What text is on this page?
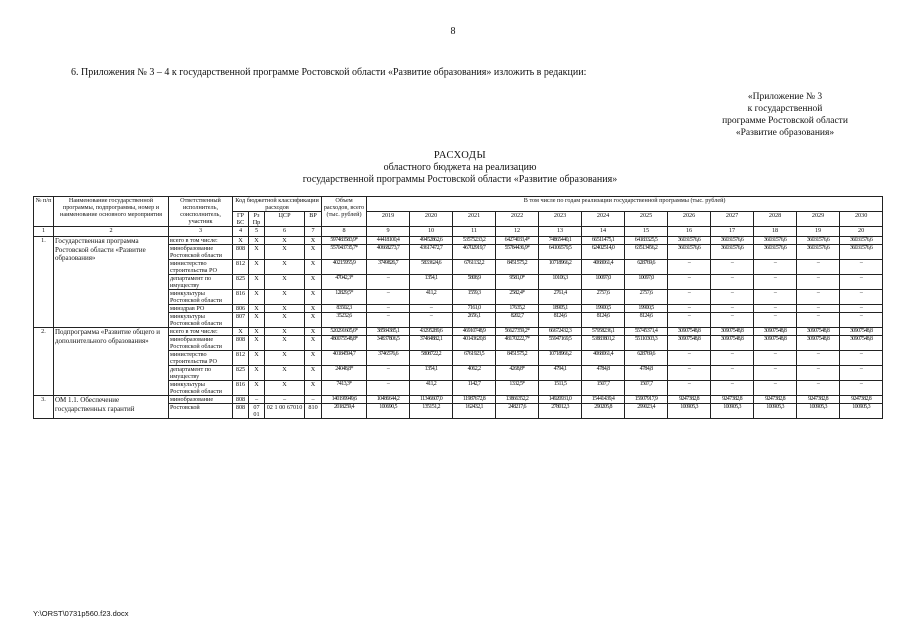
8
6. Приложения № 3 – 4 к государственной программе Ростовской области «Развитие образования» изложить в редакции:
«Приложение № 3
к государственной
программе Ростовской области
«Развитие образования»
РАСХОДЫ
областного бюджета на реализацию
государственной программы Ростовской области «Развитие образования»
№ п/п	Наименование государственной программы, подпрограммы, номер и наименование основного мероприятия	Ответственный исполнитель, соисполнитель, участник	Код бюджетной классификации расходов				Объем расходов, всего (тыс. рублей)	В том числе по годам реализации государственной программы (тыс. рублей)											
			ГР БС	Рз Пр	ЦСР	ВР		2019	2020	2021	2022	2023	2024	2025	2026	2027	2028	2029	2030
1	2	3	4	5	6	7	8	9	10	11	12	13	14	15	16	17	18	19	20
1.	Государственная программа Ростовской области «Развитие образования»	всего в том числе:	X	X	X	X	597483583,9*	44418100,4	49452862,6	53575233,2	64274033,4*	74865440,1	66511475,1	64183325,5	36031576,6	36031576,6	36031576,6	36031576,6	36031576,6
		минобразование Ростовской области	808	X	X	X	557043735,7*	40668273,7	43617472,7	46702919,7	55784436,9*	64106579,5	62402514,0	63513456,2	36031576,6	36031576,6	36031576,6	36031576,6	36031576,6
		министерство строительства РО	812	X	X	X	40215955,9	3749826,7	5833624,6	6761132,2	8451575,2	10718966,2	4068061,4	628769,6	–	–	–	–	–
		департамент по имуществу	825	X	X	X	47042,3*	–	1354,1	5808,9	9581,0*	10106,3	10097,0	10097,0	–	–	–	–	–
		минкультуры Ростовской области	816	X	X	X	12829,5*	–	411,2	1559,3	2582,4*	2761,4	2757,6	2757,6	–	–	–	–	–
		минздрав РО	806	X	X	X	83502,3	–	–	7161,0	17635,2	18905,1	19900,5	19900,5	–	–	–	–	–
		минкультуры Ростовской области	807	X	X	X	35232,6	–	–	2656,1	8202,7	8124,6	8124,6	8124,6	–	–	–	–	–
2.	Подпрограмма «Развитие общего и дополнительного образования»	всего в том числе:	X	X	X	X	520291605,6*	38584385,1	43295289,6	46910748,9	56627359,2*	66672432,3	57958236,1	55745371,4	30907548,8	30907548,8	30907548,8	30907548,8	30907548,8
		минобразование Ростовской области	808	X	X	X	480075548,8*	34837806,5	37484882,1	40143620,8	48170222,7*	55947169,5	53883801,2	55110303,3	30907548,8	30907548,8	30907548,8	30907548,8	30907548,8
		министерство строительства РО	812	X	X	X	40184594,7	3746576,6	5808722,2	6761923,5	8451575,2	10718966,2	4068061,4	628769,6	–	–	–	–	–
		департамент по имуществу	825	X	X	X	24048,8*	–	1354,1	4062,2	4268,8*	4794,1	4784,8	4784,8	–	–	–	–	–
		минкультуры Ростовской области	816	X	X	X	7413,3*	–	411,2	1142,7	1332,5*	1511,5	1507,7	1507,7	–	–	–	–	–
3.	ОМ 1.1. Обеспечение государственных гарантий	минобразование	808	–	–	–	140199949,6	10486644,2	11346607,0	11987672,8	13866352,2	14920931,0	15441439,4	15907917,9	9247382,8	9247382,8	9247382,8	9247382,8	9247382,8
		Ростовской	808	07 01	02 1 00 67010	810	2018259,4	100690,5	135151,2	162432,1	248217,6	278012,3	290205,8	299023,4	100905,3	100905,3	100905,3	100905,3	100905,3
Y:\ORST\0731p560.f23.docx
